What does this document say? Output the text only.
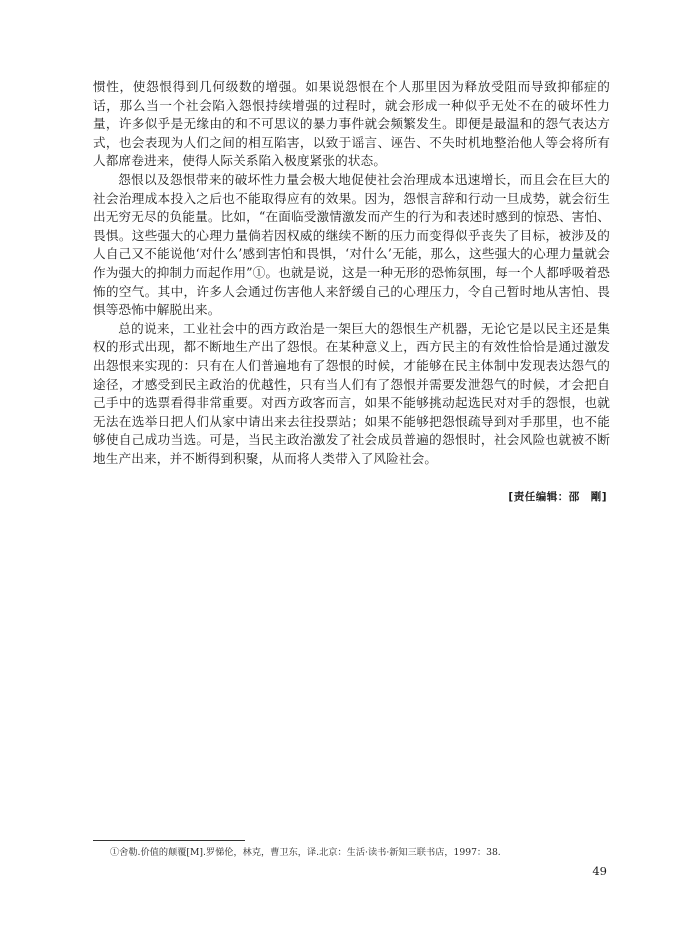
惯性，使怨恨得到几何级数的增强。如果说怨恨在个人那里因为释放受阻而导致抑郁症的话，那么当一个社会陷入怨恨持续增强的过程时，就会形成一种似乎无处不在的破坏性力量，许多似乎是无缘由的和不可思议的暴力事件就会频繁发生。即便是最温和的怨气表达方式，也会表现为人们之间的相互陷害，以致于谣言、诬告、不失时机地整治他人等会将所有人都席卷进来，使得人际关系陷入极度紧张的状态。

怨恨以及怨恨带来的破坏性力量会极大地促使社会治理成本迅速增长，而且会在巨大的社会治理成本投入之后也不能取得应有的效果。因为，怨恨言辞和行动一旦成势，就会衍生出无穷无尽的负能量。比如，“在面临受激情激发而产生的行为和表述时感到的惊恐、害怕、畏惧。这些强大的心理力量倘若因权威的继续不断的压力而变得似乎丧失了目标，被涉及的人自己又不能说他‘对什么’感到害怕和畏惧，‘对什么’无能，那么，这些强大的心理力量就会作为强大的抑制力而起作用”①。也就是说，这是一种无形的恐怖氛围，每一个人都呼吸着恐怖的空气。其中，许多人会通过伤害他人来舒缓自己的心理压力，令自己暂时地从害怕、畏惧等恐怖中解脱出来。

总的说来，工业社会中的西方政治是一架巨大的怨恨生产机器，无论它是以民主还是集权的形式出现，都不断地生产出了怨恨。在某种意义上，西方民主的有效性恰恰是通过激发出怨恨来实现的：只有在人们普遍地有了怨恨的时候，才能够在民主体制中发现表达怨气的途径，才感受到民主政治的优越性，只有当人们有了怨恨并需要发泄怨气的时候，才会把自己手中的选票看得非常重要。对西方政客而言，如果不能够挑动起选民对对手的怨恨，也就无法在选举日把人们从家中请出来去往投票站；如果不能够把怨恨疏导到对手那里，也不能够使自己成功当选。可是，当民主政治激发了社会成员普遍的怨恨时，社会风险也就被不断地生产出来，并不断得到积聚，从而将人类带入了风险社会。

[责任编辑：邵　剛]
①舍勒.价值的颠覆[M].罗悌伦，林克，曹卫东，译.北京：生活·读书·新知三联书店，1997：38.
49
